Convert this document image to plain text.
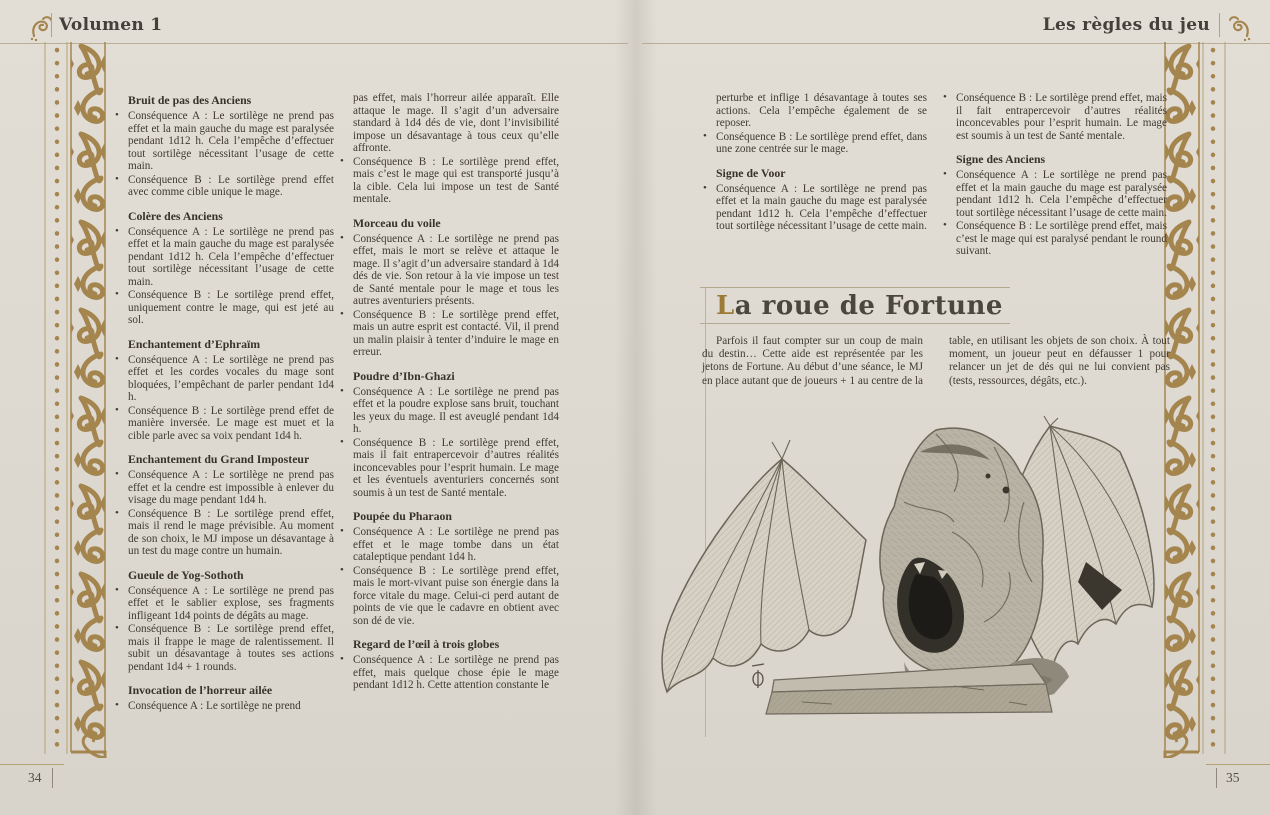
Volumen 1	Les règles du jeu
Bruit de pas des Anciens
• Conséquence A : Le sortilège ne prend pas effet et la main gauche du mage est paralysée pendant 1d12 h. Cela l’empêche d’effectuer tout sortilège nécessitant l’usage de cette main.
• Conséquence B : Le sortilège prend effet avec comme cible unique le mage.
Colère des Anciens
• Conséquence A : Le sortilège ne prend pas effet et la main gauche du mage est paralysée pendant 1d12 h. Cela l’empêche d’effectuer tout sortilège nécessitant l’usage de cette main.
• Conséquence B : Le sortilège prend effet, uniquement contre le mage, qui est jeté au sol.
Enchantement d’Ephraïm
• Conséquence A : Le sortilège ne prend pas effet et les cordes vocales du mage sont bloquées, l’empêchant de parler pendant 1d4 h.
• Conséquence B : Le sortilège prend effet de manière inversée. Le mage est muet et la cible parle avec sa voix pendant 1d4 h.
Enchantement du Grand Imposteur
• Conséquence A : Le sortilège ne prend pas effet et la cendre est impossible à enlever du visage du mage pendant 1d4 h.
• Conséquence B : Le sortilège prend effet, mais il rend le mage prévisible. Au moment de son choix, le MJ impose un désavantage à un test du mage contre un humain.
Gueule de Yog-Sothoth
• Conséquence A : Le sortilège ne prend pas effet et le sablier explose, ses fragments infligeant 1d4 points de dégâts au mage.
• Conséquence B : Le sortilège prend effet, mais il frappe le mage de ralentissement. Il subit un désavantage à toutes ses actions pendant 1d4 + 1 rounds.
Invocation de l’horreur ailée
• Conséquence A : Le sortilège ne prend
pas effet, mais l’horreur ailée apparaît. Elle attaque le mage. Il s’agit d’un adversaire standard à 1d4 dés de vie, dont l’invisibilité impose un désavantage à tous ceux qu’elle affronte.
• Conséquence B : Le sortilège prend effet, mais c’est le mage qui est transporté jusqu’à la cible. Cela lui impose un test de Santé mentale.
Morceau du voile
• Conséquence A : Le sortilège ne prend pas effet, mais le mort se relève et attaque le mage. Il s’agit d’un adversaire standard à 1d4 dés de vie. Son retour à la vie impose un test de Santé mentale pour le mage et tous les autres aventuriers présents.
• Conséquence B : Le sortilège prend effet, mais un autre esprit est contacté. Vil, il prend un malin plaisir à tenter d’induire le mage en erreur.
Poudre d’Ibn-Ghazi
• Conséquence A : Le sortilège ne prend pas effet et la poudre explose sans bruit, touchant les yeux du mage. Il est aveuglé pendant 1d4 h.
• Conséquence B : Le sortilège prend effet, mais il fait entrapercevoir d’autres réalités inconcevables pour l’esprit humain. Le mage et les éventuels aventuriers concernés sont soumis à un test de Santé mentale.
Poupée du Pharaon
• Conséquence A : Le sortilège ne prend pas effet et le mage tombe dans un état cataleptique pendant 1d4 h.
• Conséquence B : Le sortilège prend effet, mais le mort-vivant puise son énergie dans la force vitale du mage. Celui-ci perd autant de points de vie que le cadavre en obtient avec son dé de vie.
Regard de l’œil à trois globes
• Conséquence A : Le sortilège ne prend pas effet, mais quelque chose épie le mage pendant 1d12 h. Cette attention constante le
perturbe et inflige 1 désavantage à toutes ses actions. Cela l’empêche également de se reposer.
• Conséquence B : Le sortilège prend effet, dans une zone centrée sur le mage.
Signe de Voor
• Conséquence A : Le sortilège ne prend pas effet et la main gauche du mage est paralysée pendant 1d12 h. Cela l’empêche d’effectuer tout sortilège nécessitant l’usage de cette main.
• Conséquence B : Le sortilège prend effet, mais il fait entrapercevoir d’autres réalités inconcevables pour l’esprit humain. Le mage est soumis à un test de Santé mentale.
Signe des Anciens
• Conséquence A : Le sortilège ne prend pas effet et la main gauche du mage est paralysée pendant 1d12 h. Cela l’empêche d’effectuer tout sortilège nécessitant l’usage de cette main.
• Conséquence B : Le sortilège prend effet, mais c’est le mage qui est paralysé pendant le round suivant.
La roue de Fortune
Parfois il faut compter sur un coup de main du destin… Cette aide est représentée par les jetons de Fortune. Au début d’une séance, le MJ en place autant que de joueurs + 1 au centre de la table, en utilisant les objets de son choix. À tout moment, un joueur peut en défausser 1 pour relancer un jet de dés qui ne lui convient pas (tests, ressources, dégâts, etc.).
34	35
